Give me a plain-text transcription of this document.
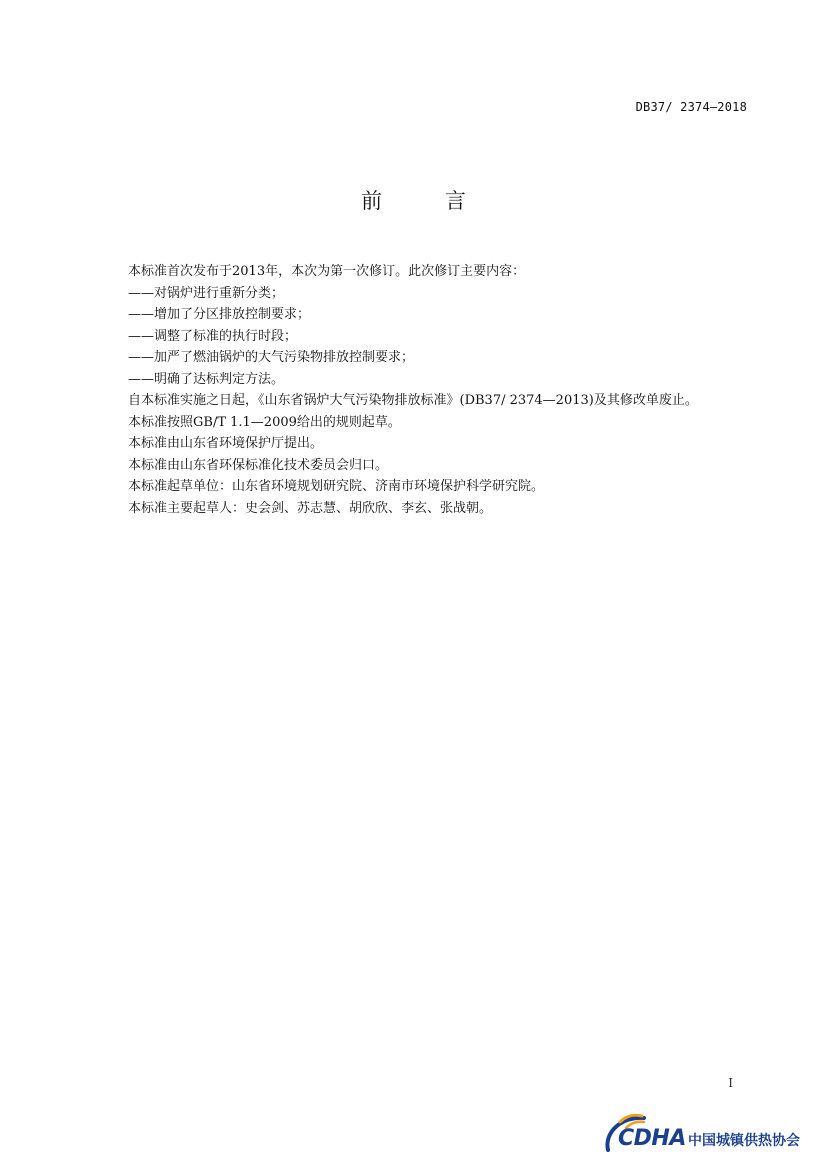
DB37/ 2374—2018
前 言

本标准首次发布于2013年，本次为第一次修订。此次修订主要内容：

——对锅炉进行重新分类；

——增加了分区排放控制要求；

——调整了标准的执行时段；

——加严了燃油锅炉的大气污染物排放控制要求；

——明确了达标判定方法。

自本标准实施之日起，《山东省锅炉大气污染物排放标准》(DB37/ 2374—2013)及其修改单废止。

本标准按照GB/T 1.1—2009给出的规则起草。

本标准由山东省环境保护厅提出。

本标准由山东省环保标准化技术委员会归口。

本标准起草单位：山东省环境规划研究院、济南市环境保护科学研究院。

本标准主要起草人：史会剑、苏志慧、胡欣欣、李玄、张战朝。

I
CDHA 中国城镇供热协会
